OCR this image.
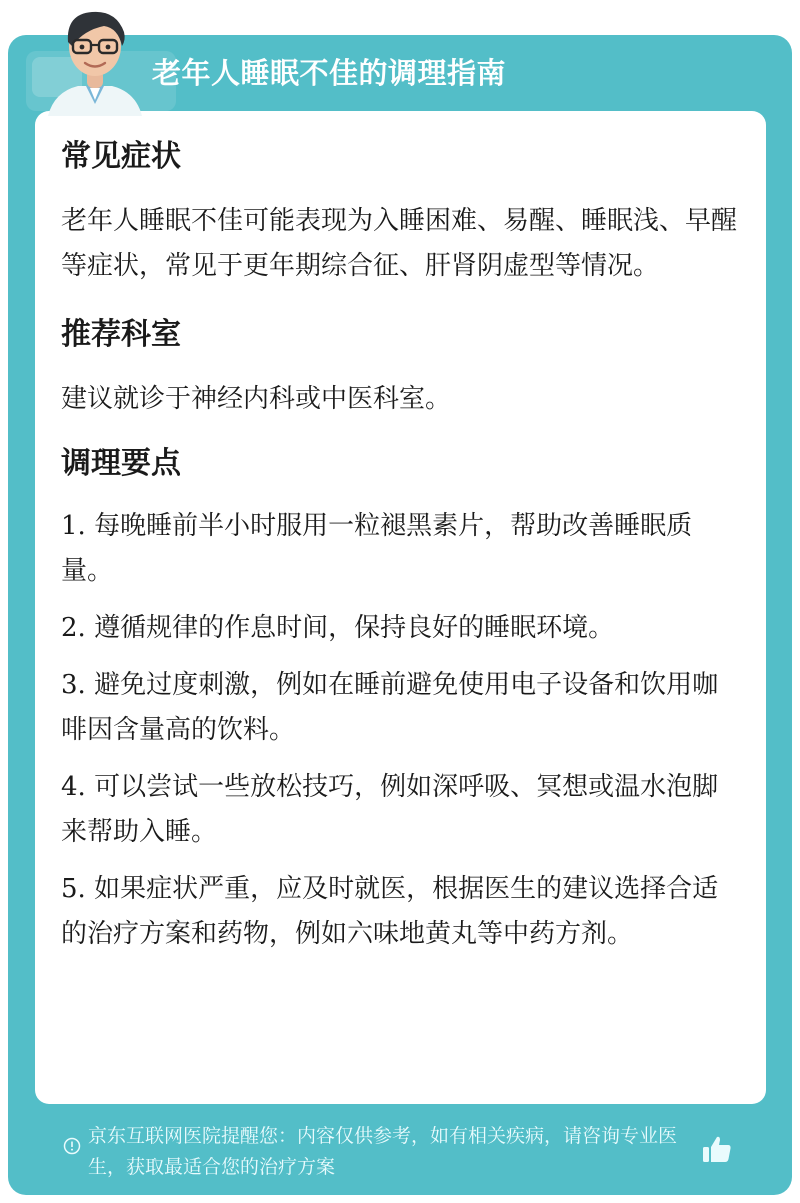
老年人睡眠不佳的调理指南
常见症状

老年人睡眠不佳可能表现为入睡困难、易醒、睡眠浅、早醒等症状，常见于更年期综合征、肝肾阴虚型等情况。

推荐科室

建议就诊于神经内科或中医科室。

调理要点
1. 每晚睡前半小时服用一粒褪黑素片，帮助改善睡眠质量。
2. 遵循规律的作息时间，保持良好的睡眠环境。
3. 避免过度刺激，例如在睡前避免使用电子设备和饮用咖啡因含量高的饮料。
4. 可以尝试一些放松技巧，例如深呼吸、冥想或温水泡脚来帮助入睡。
5. 如果症状严重，应及时就医，根据医生的建议选择合适的治疗方案和药物，例如六味地黄丸等中药方剂。
京东互联网医院提醒您：内容仅供参考，如有相关疾病，请咨询专业医生，获取最适合您的治疗方案
